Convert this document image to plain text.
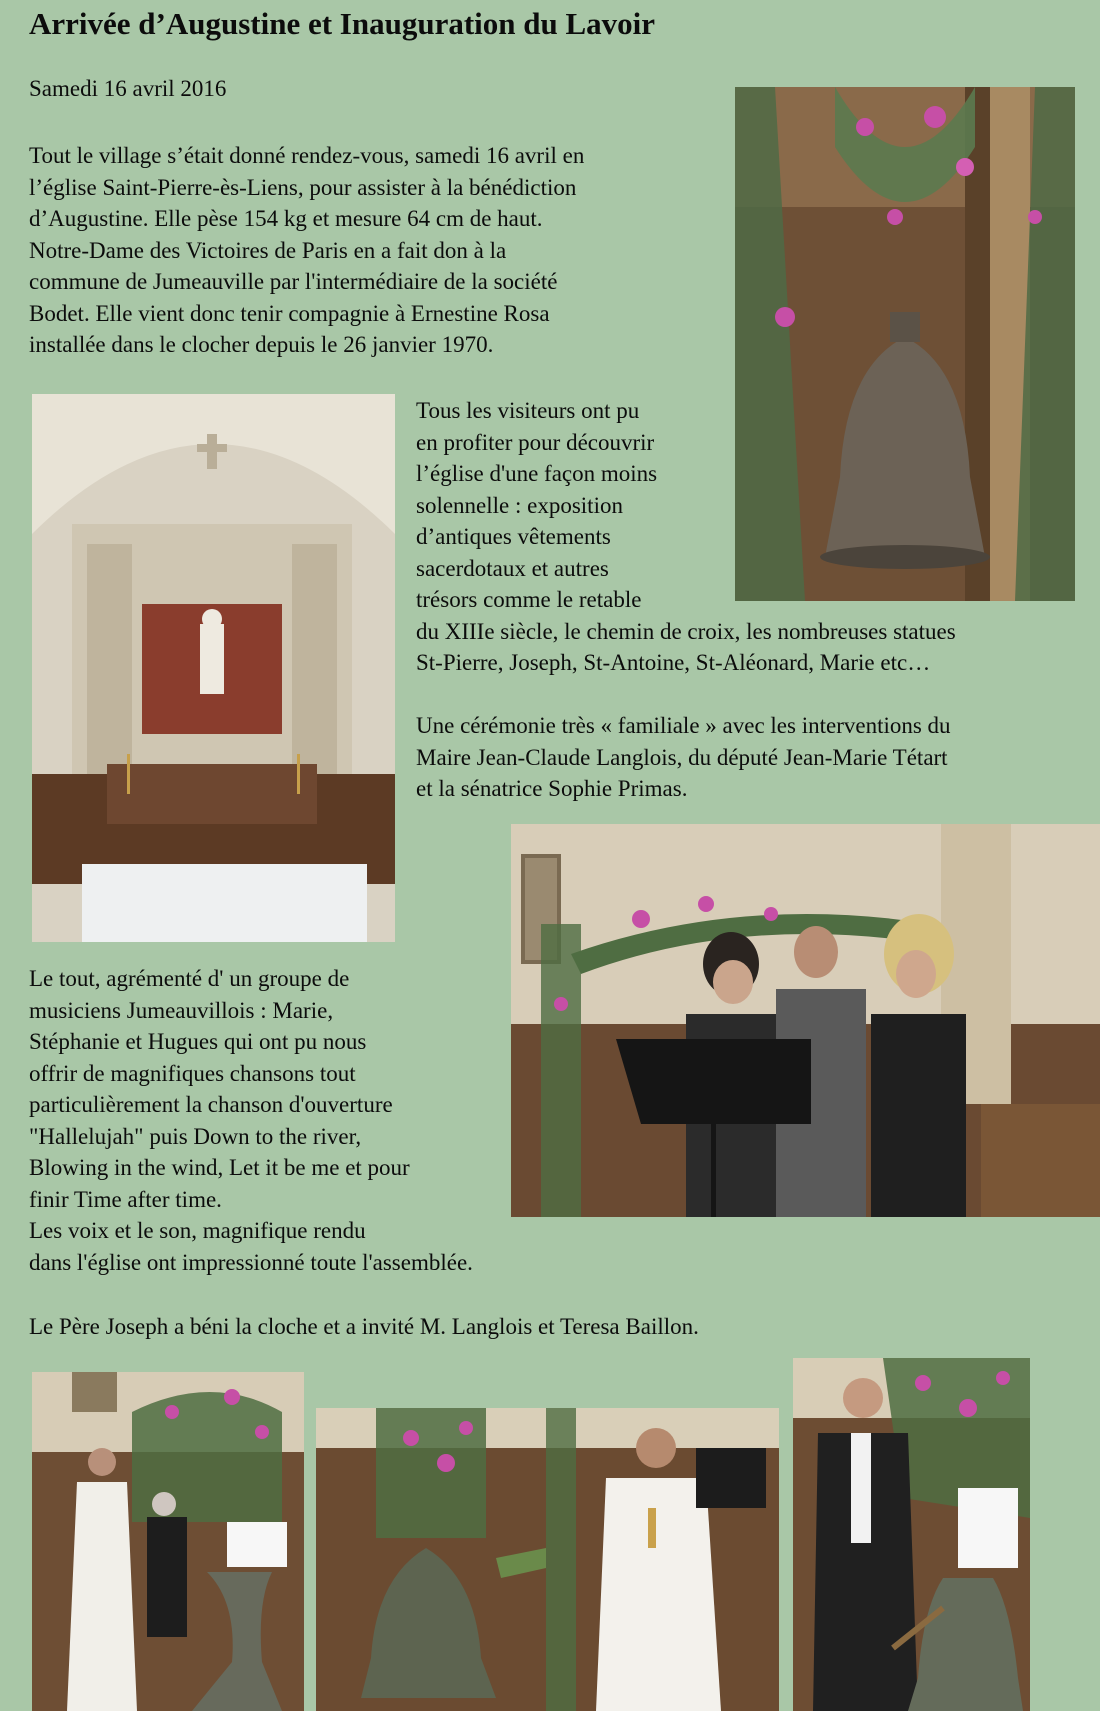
Arrivée d’Augustine et Inauguration du Lavoir
Samedi 16 avril 2016

Tout le village s’était donné rendez-vous, samedi 16 avril en
l’église Saint-Pierre-ès-Liens, pour assister à la bénédiction
d’Augustine. Elle pèse 154 kg et mesure 64 cm de haut.
Notre-Dame des Victoires de Paris en a fait don à la
commune de Jumeauville par l'intermédiaire de la société
Bodet. Elle vient donc tenir compagnie à Ernestine Rosa
installée dans le clocher depuis le 26 janvier 1970.

Tous les visiteurs ont pu
en profiter pour découvrir
l’église d'une façon moins
solennelle : exposition
d’antiques vêtements
sacerdotaux et autres
trésors comme le retable
du XIIIe siècle, le chemin de croix, les nombreuses statues
St-Pierre, Joseph, St-Antoine, St-Aléonard, Marie etc…

Une cérémonie très « familiale » avec les interventions du
Maire Jean-Claude Langlois, du député Jean-Marie Tétart
et la sénatrice Sophie Primas.

Le tout, agrémenté d' un groupe de
musiciens Jumeauvillois : Marie,
Stéphanie et Hugues qui ont pu nous
offrir de magnifiques chansons tout
particulièrement la chanson d'ouverture
"Hallelujah" puis Down to the river,
Blowing in the wind, Let it be me et pour
finir Time after time.
Les voix et le son, magnifique rendu
dans l'église ont impressionné toute l'assemblée.

Le Père Joseph a béni la cloche et a invité M. Langlois et Teresa Baillon.
